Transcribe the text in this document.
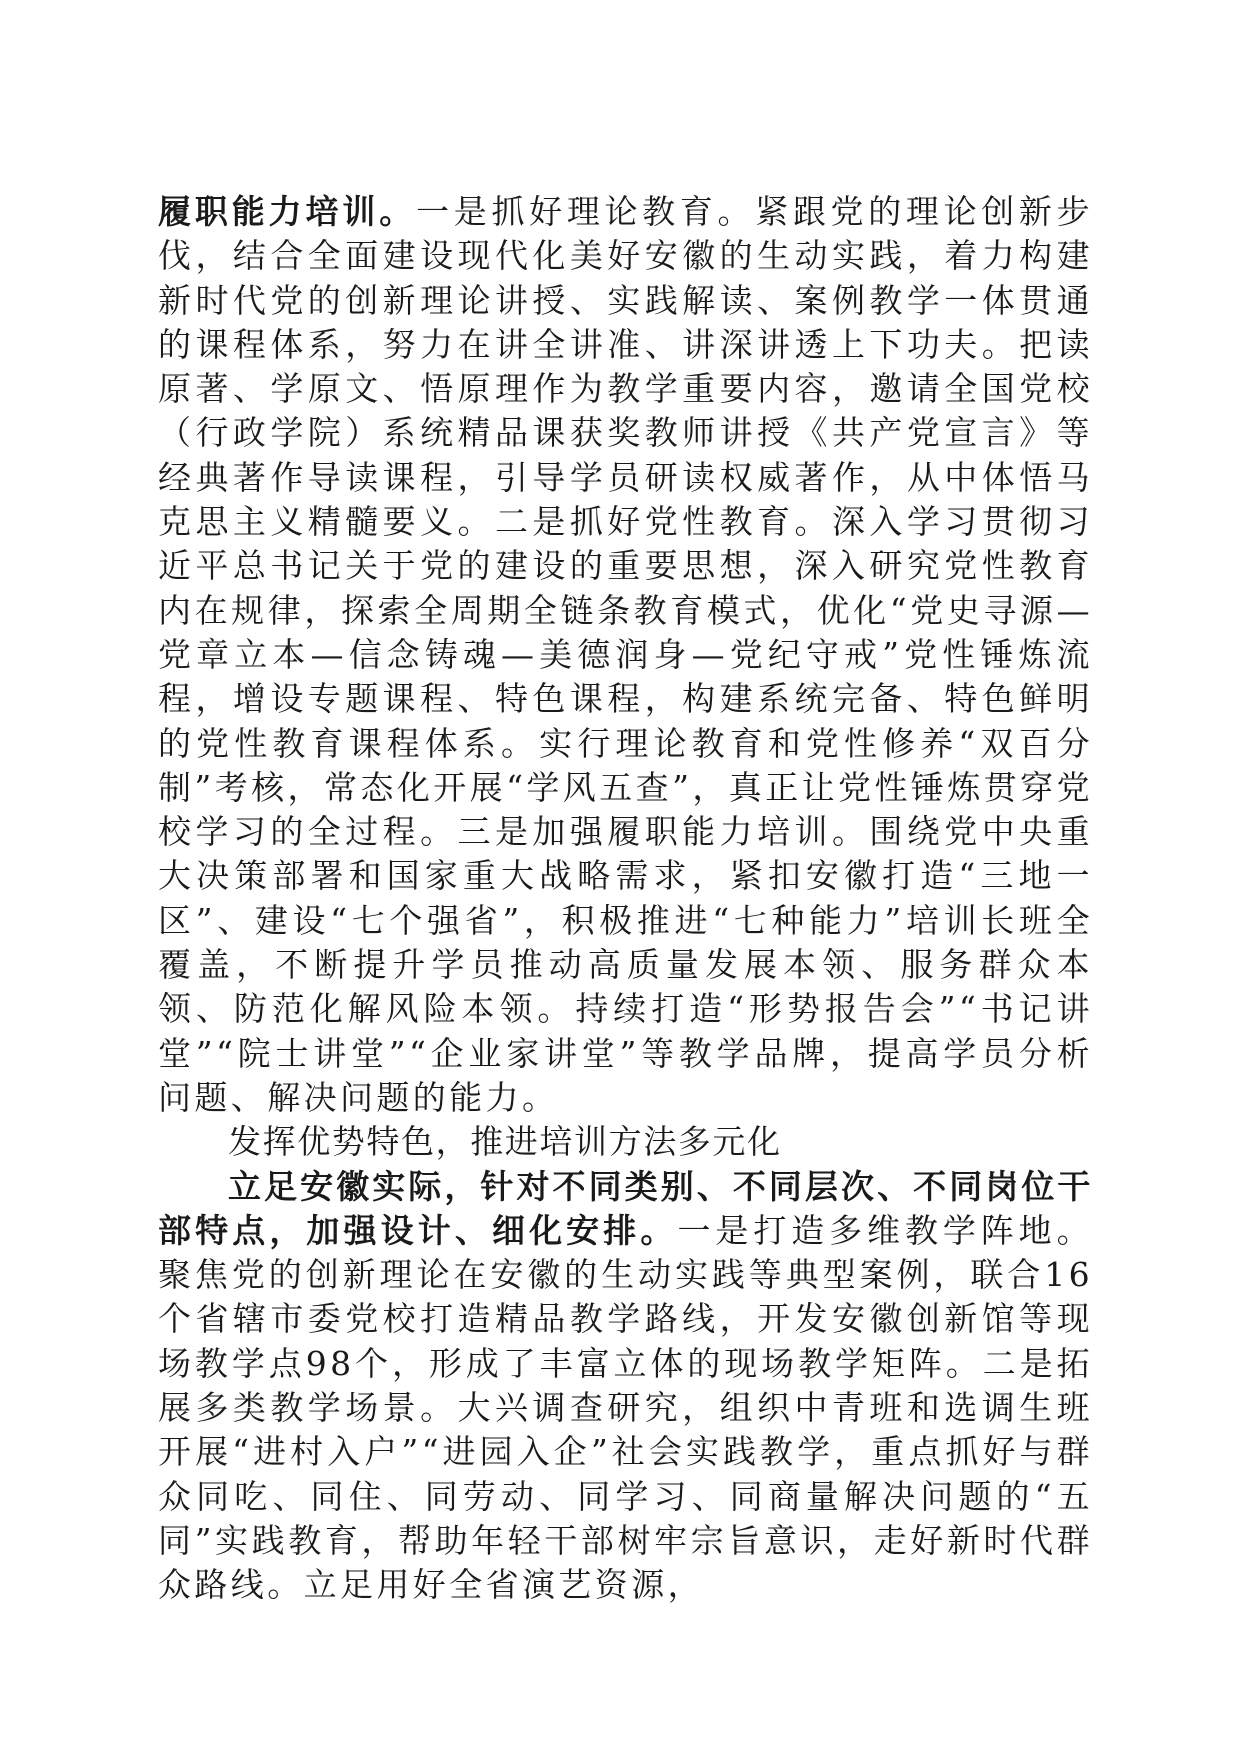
履职能力培训。一是抓好理论教育。紧跟党的理论创新步伐，结合全面建设现代化美好安徽的生动实践，着力构建新时代党的创新理论讲授、实践解读、案例教学一体贯通的课程体系，努力在讲全讲准、讲深讲透上下功夫。把读原著、学原文、悟原理作为教学重要内容，邀请全国党校（行政学院）系统精品课获奖教师讲授《共产党宣言》等经典著作导读课程，引导学员研读权威著作，从中体悟马克思主义精髓要义。二是抓好党性教育。深入学习贯彻习近平总书记关于党的建设的重要思想，深入研究党性教育内在规律，探索全周期全链条教育模式，优化“党史寻源—党章立本—信念铸魂—美德润身—党纪守戒”党性锤炼流程，增设专题课程、特色课程，构建系统完备、特色鲜明的党性教育课程体系。实行理论教育和党性修养“双百分制”考核，常态化开展“学风五查”，真正让党性锤炼贯穿党校学习的全过程。三是加强履职能力培训。围绕党中央重大决策部署和国家重大战略需求，紧扣安徽打造“三地一区”、建设“七个强省”，积极推进“七种能力”培训长班全覆盖，不断提升学员推动高质量发展本领、服务群众本领、防范化解风险本领。持续打造“形势报告会”“书记讲堂”“院士讲堂”“企业家讲堂”等教学品牌，提高学员分析问题、解决问题的能力。

发挥优势特色，推进培训方法多元化

立足安徽实际，针对不同类别、不同层次、不同岗位干部特点，加强设计、细化安排。一是打造多维教学阵地。聚焦党的创新理论在安徽的生动实践等典型案例，联合16个省辖市委党校打造精品教学路线，开发安徽创新馆等现场教学点98个，形成了丰富立体的现场教学矩阵。二是拓展多类教学场景。大兴调查研究，组织中青班和选调生班开展“进村入户”“进园入企”社会实践教学，重点抓好与群众同吃、同住、同劳动、同学习、同商量解决问题的“五同”实践教育，帮助年轻干部树牢宗旨意识，走好新时代群众路线。立足用好全省演艺资源，
